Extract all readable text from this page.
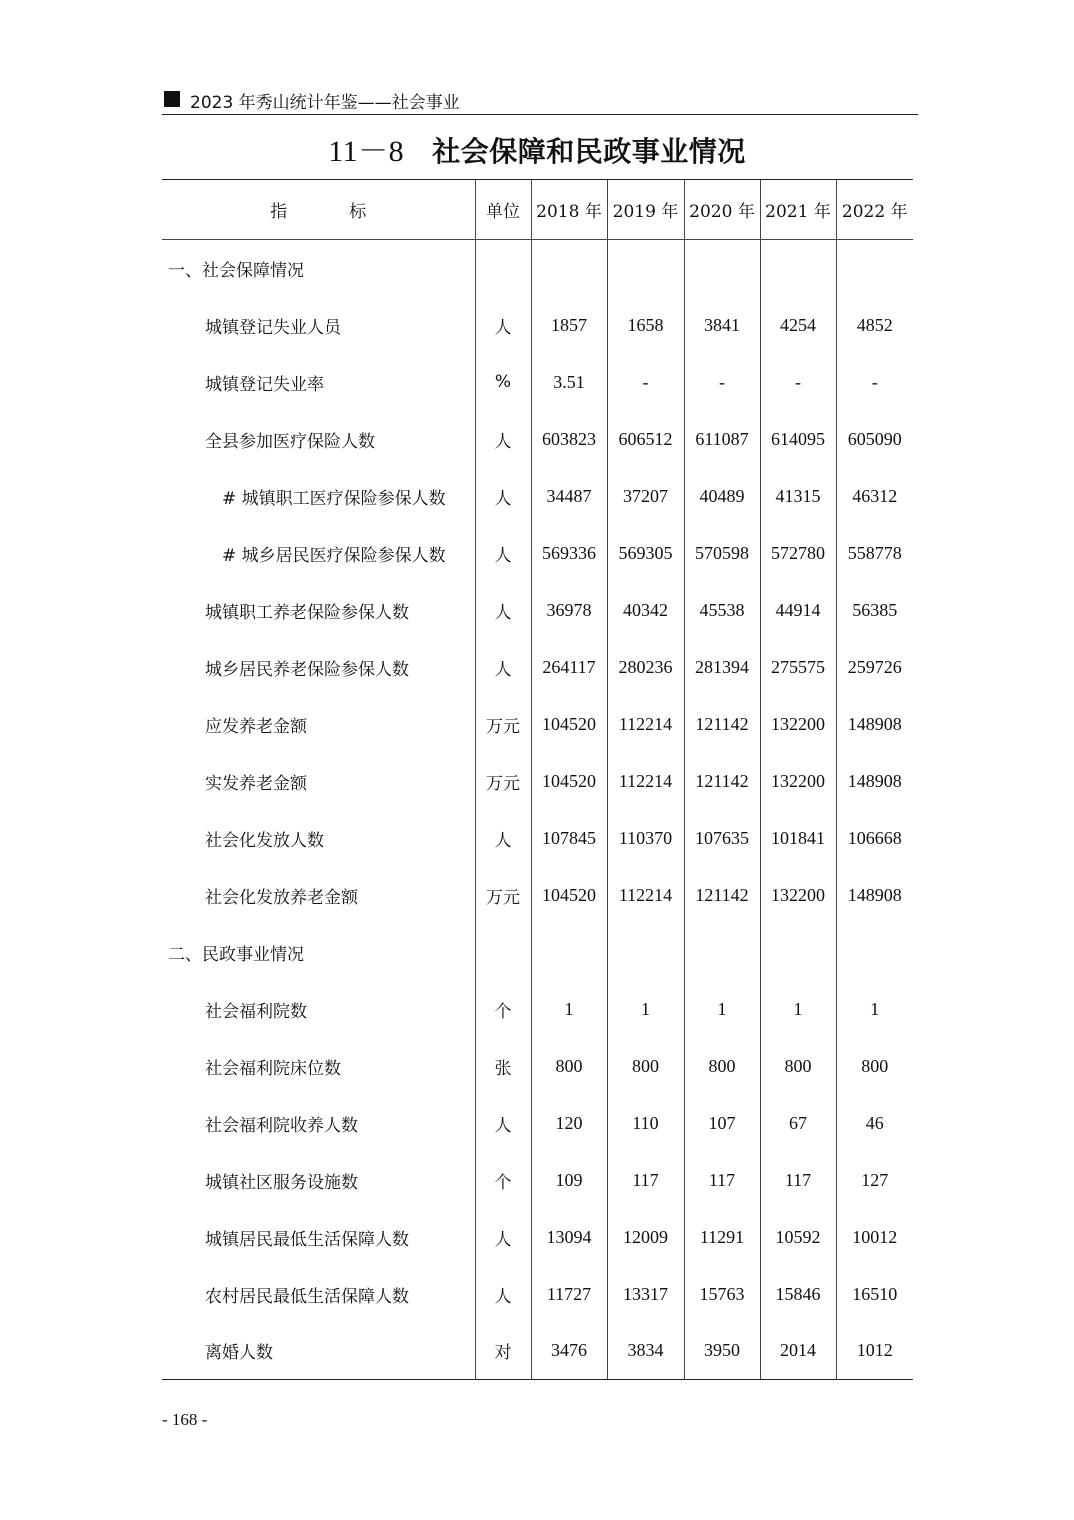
2023 年秀山统计年鉴——社会事业
11－8 社会保障和民政事业情况
指 标	单位	2018 年	2019 年	2020 年	2021 年	2022 年
一、社会保障情况						
城镇登记失业人员	人	1857	1658	3841	4254	4852
城镇登记失业率	%	3.51	-	-	-	-
全县参加医疗保险人数	人	603823	606512	611087	614095	605090
# 城镇职工医疗保险参保人数	人	34487	37207	40489	41315	46312
# 城乡居民医疗保险参保人数	人	569336	569305	570598	572780	558778
城镇职工养老保险参保人数	人	36978	40342	45538	44914	56385
城乡居民养老保险参保人数	人	264117	280236	281394	275575	259726
应发养老金额	万元	104520	112214	121142	132200	148908
实发养老金额	万元	104520	112214	121142	132200	148908
社会化发放人数	人	107845	110370	107635	101841	106668
社会化发放养老金额	万元	104520	112214	121142	132200	148908
二、民政事业情况						
社会福利院数	个	1	1	1	1	1
社会福利院床位数	张	800	800	800	800	800
社会福利院收养人数	人	120	110	107	67	46
城镇社区服务设施数	个	109	117	117	117	127
城镇居民最低生活保障人数	人	13094	12009	11291	10592	10012
农村居民最低生活保障人数	人	11727	13317	15763	15846	16510
离婚人数	对	3476	3834	3950	2014	1012
- 168 -
